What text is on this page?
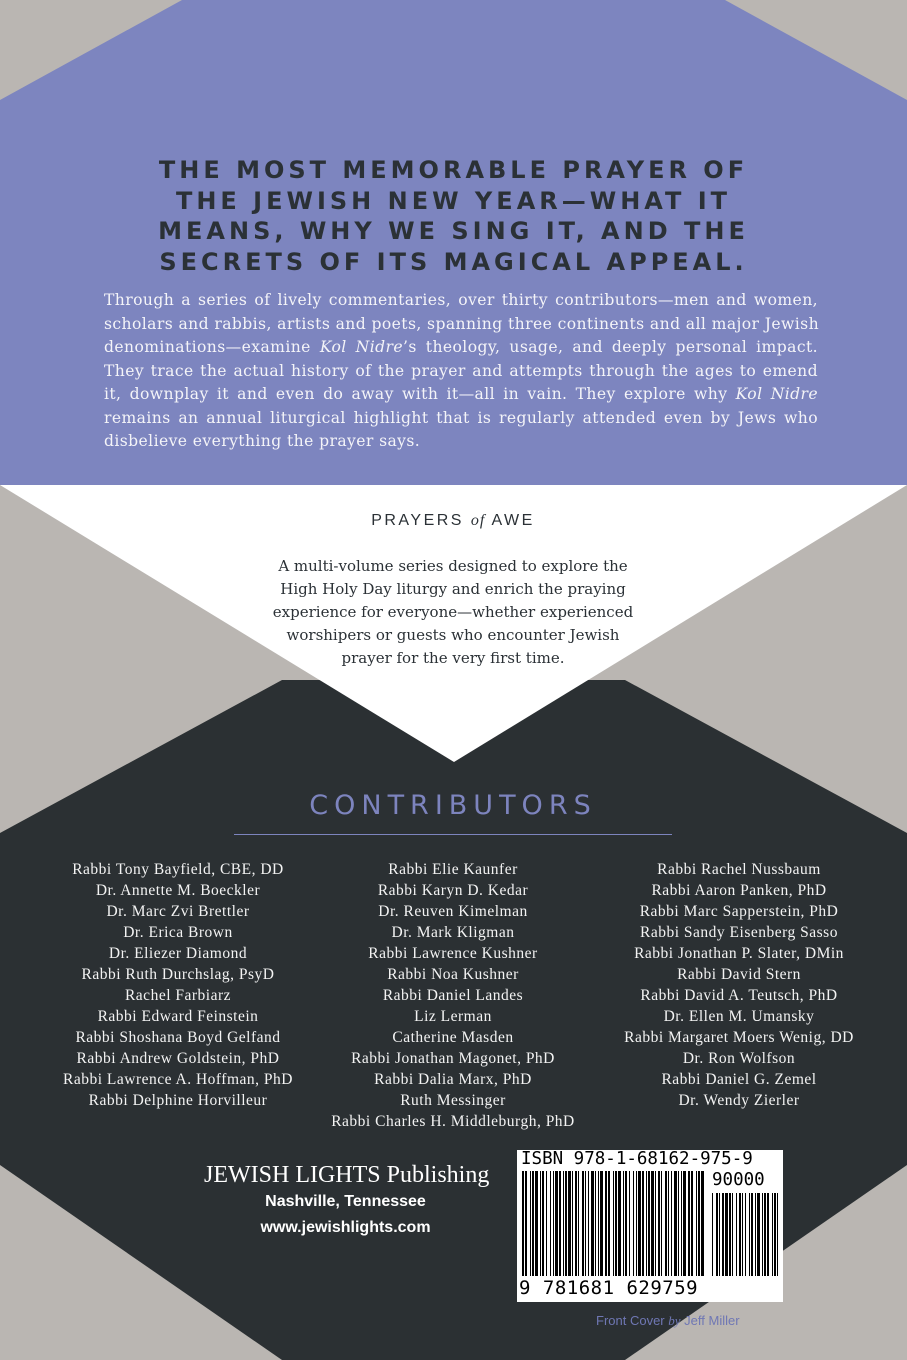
THE MOST MEMORABLE PRAYER OF
THE JEWISH NEW YEAR—WHAT IT
MEANS, WHY WE SING IT, AND THE
SECRETS OF ITS MAGICAL APPEAL.
Through a series of lively commentaries, over thirty contributors—men and women,
scholars and rabbis, artists and poets, spanning three continents and all major Jewish
denominations—examine Kol Nidre’s theology, usage, and deeply personal impact.
They trace the actual history of the prayer and attempts through the ages to emend
it, downplay it and even do away with it—all in vain. They explore why Kol Nidre
remains an annual liturgical highlight that is regularly attended even by Jews who
disbelieve everything the prayer says.
PRAYERS of AWE
A multi-volume series designed to explore the
High Holy Day liturgy and enrich the praying
experience for everyone—whether experienced
worshipers or guests who encounter Jewish
prayer for the very first time.
CONTRIBUTORS
Rabbi Tony Bayfield, CBE, DD
Dr. Annette M. Boeckler
Dr. Marc Zvi Brettler
Dr. Erica Brown
Dr. Eliezer Diamond
Rabbi Ruth Durchslag, PsyD
Rachel Farbiarz
Rabbi Edward Feinstein
Rabbi Shoshana Boyd Gelfand
Rabbi Andrew Goldstein, PhD
Rabbi Lawrence A. Hoffman, PhD
Rabbi Delphine Horvilleur
Rabbi Elie Kaunfer
Rabbi Karyn D. Kedar
Dr. Reuven Kimelman
Dr. Mark Kligman
Rabbi Lawrence Kushner
Rabbi Noa Kushner
Rabbi Daniel Landes
Liz Lerman
Catherine Masden
Rabbi Jonathan Magonet, PhD
Rabbi Dalia Marx, PhD
Ruth Messinger
Rabbi Charles H. Middleburgh, PhD
Rabbi Rachel Nussbaum
Rabbi Aaron Panken, PhD
Rabbi Marc Sapperstein, PhD
Rabbi Sandy Eisenberg Sasso
Rabbi Jonathan P. Slater, DMin
Rabbi David Stern
Rabbi David A. Teutsch, PhD
Dr. Ellen M. Umansky
Rabbi Margaret Moers Wenig, DD
Dr. Ron Wolfson
Rabbi Daniel G. Zemel
Dr. Wendy Zierler
JEWISH LIGHTS Publishing
Nashville, Tennessee
www.jewishlights.com
ISBN 978-1-68162-975-9
90000
9 781681 629759
Front Cover by Jeff Miller
